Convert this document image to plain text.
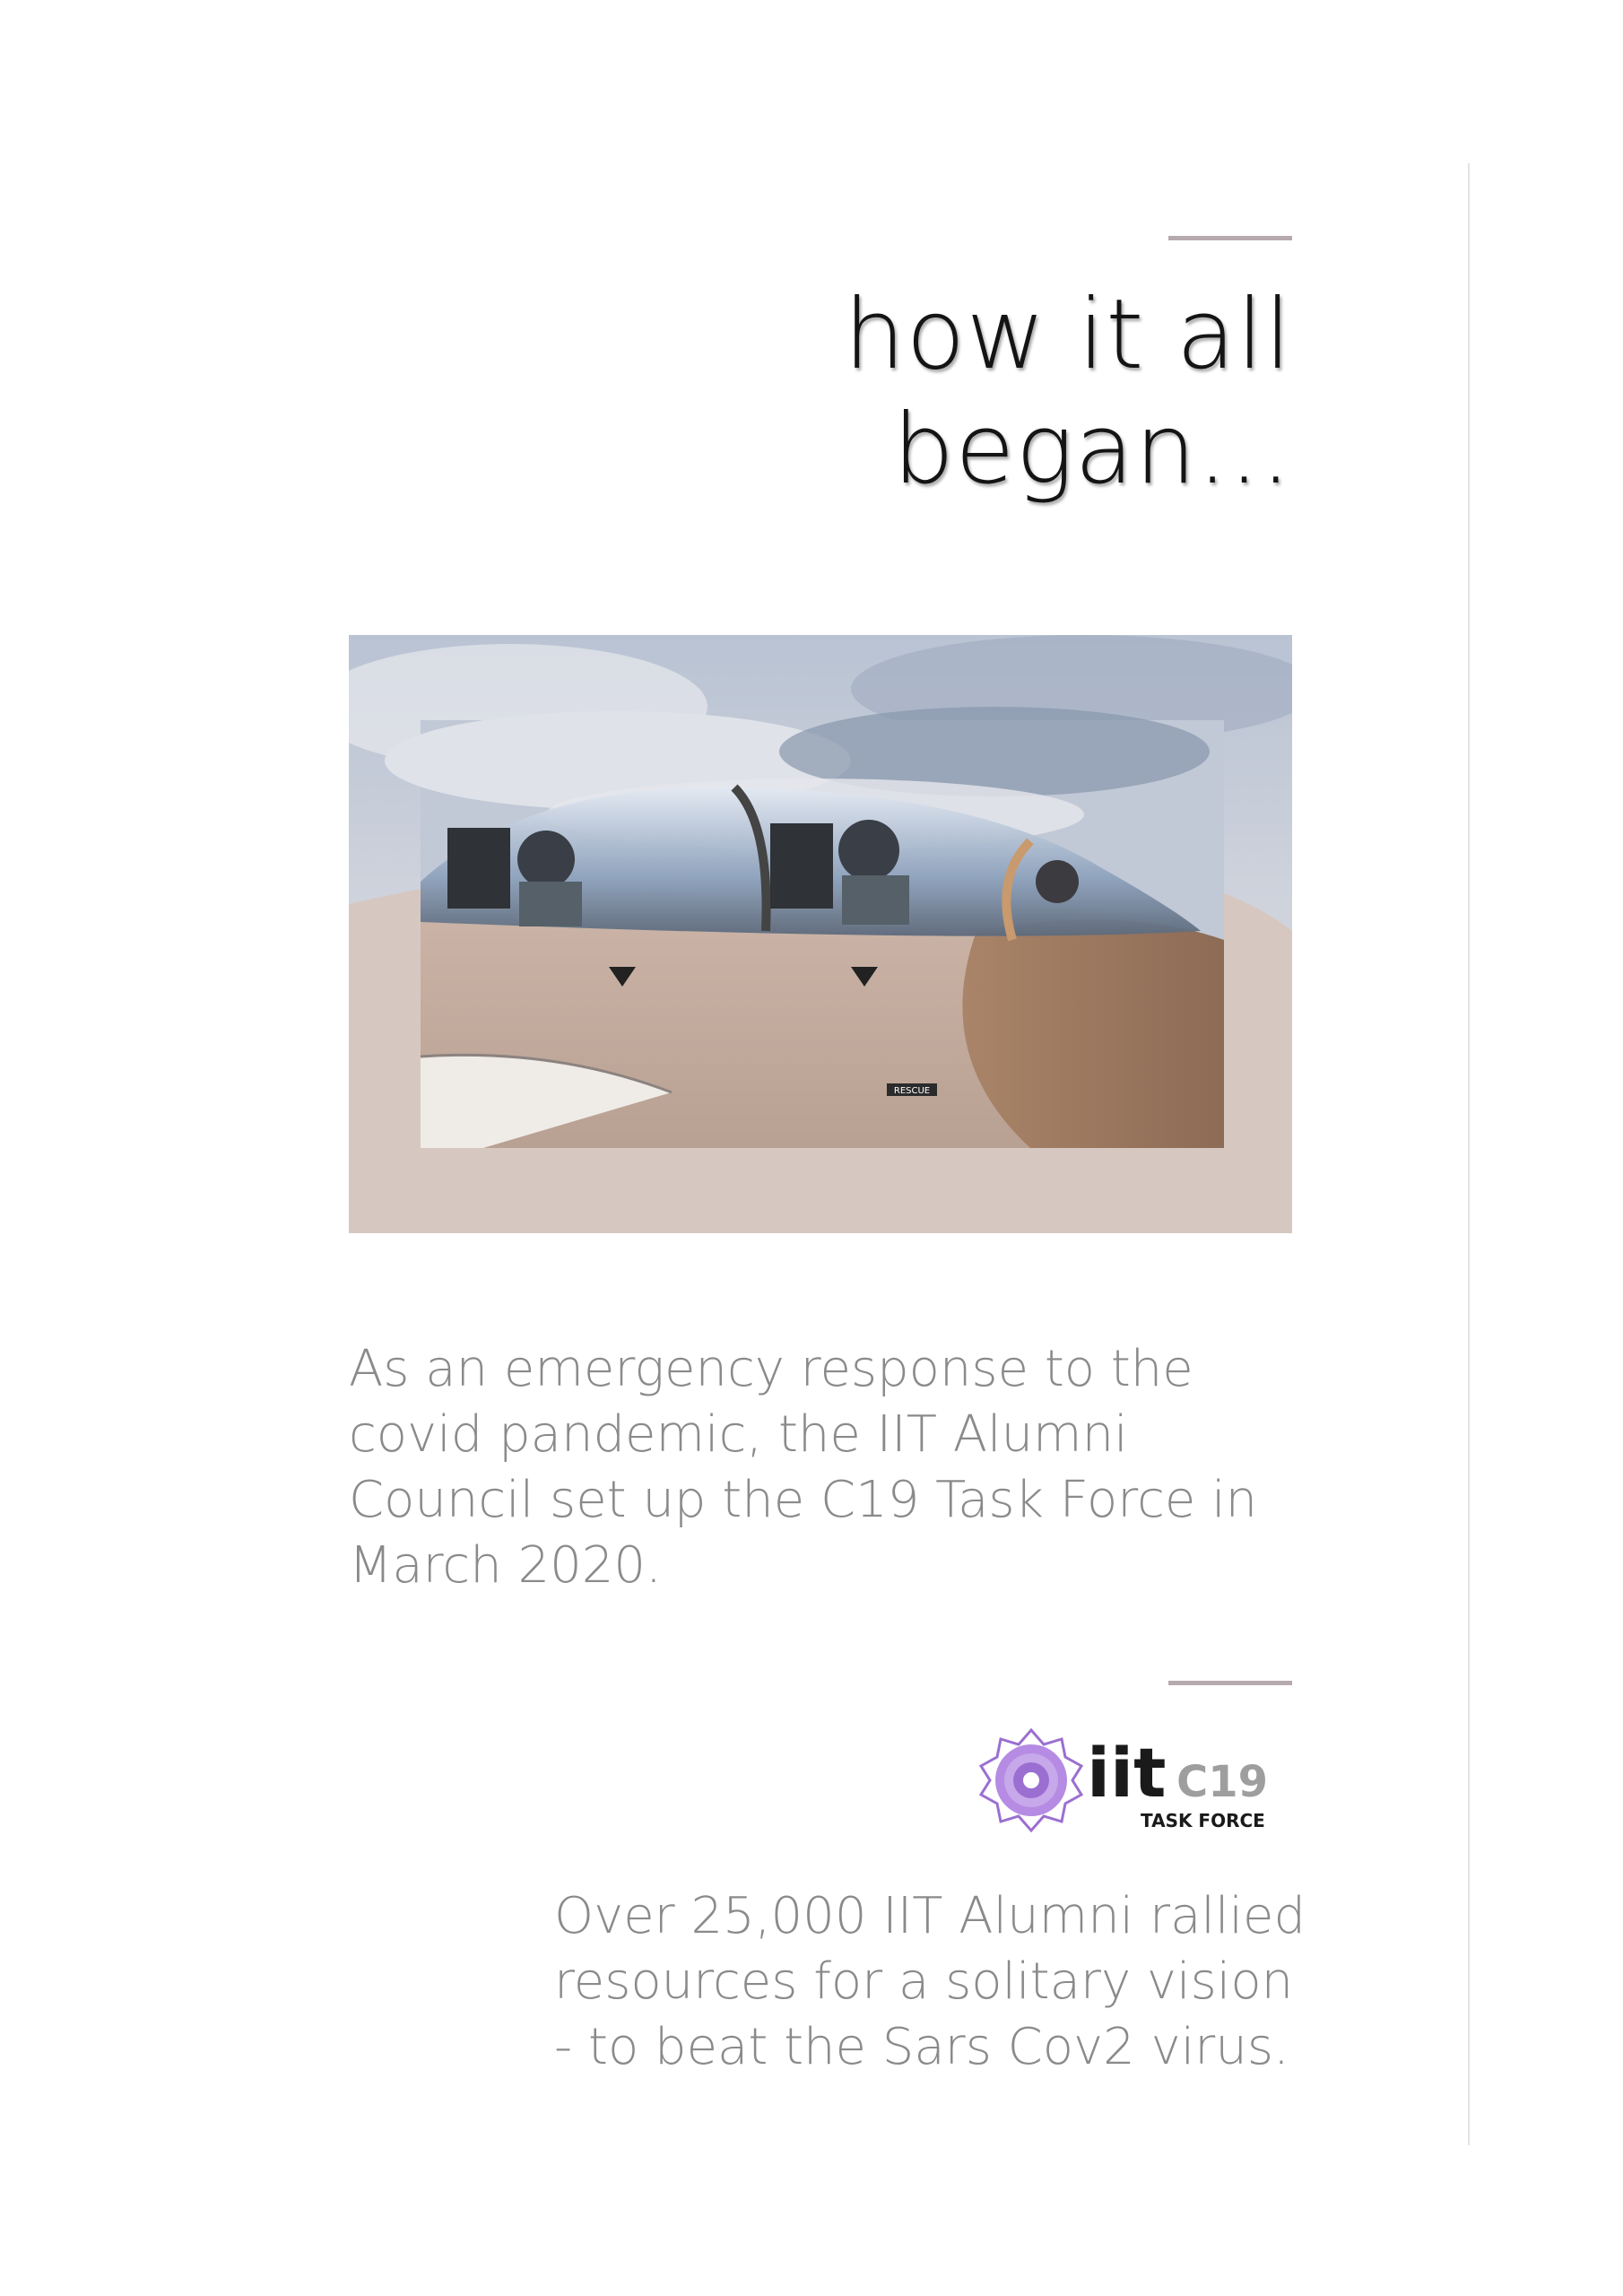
how it all
began...
RESCUE

As an emergency response to the covid pandemic, the IIT Alumni Council set up the C19 Task Force in March 2020.

iit C19
TASK FORCE

Over 25,000 IIT Alumni rallied resources for a solitary vision - to beat the Sars Cov2 virus.
